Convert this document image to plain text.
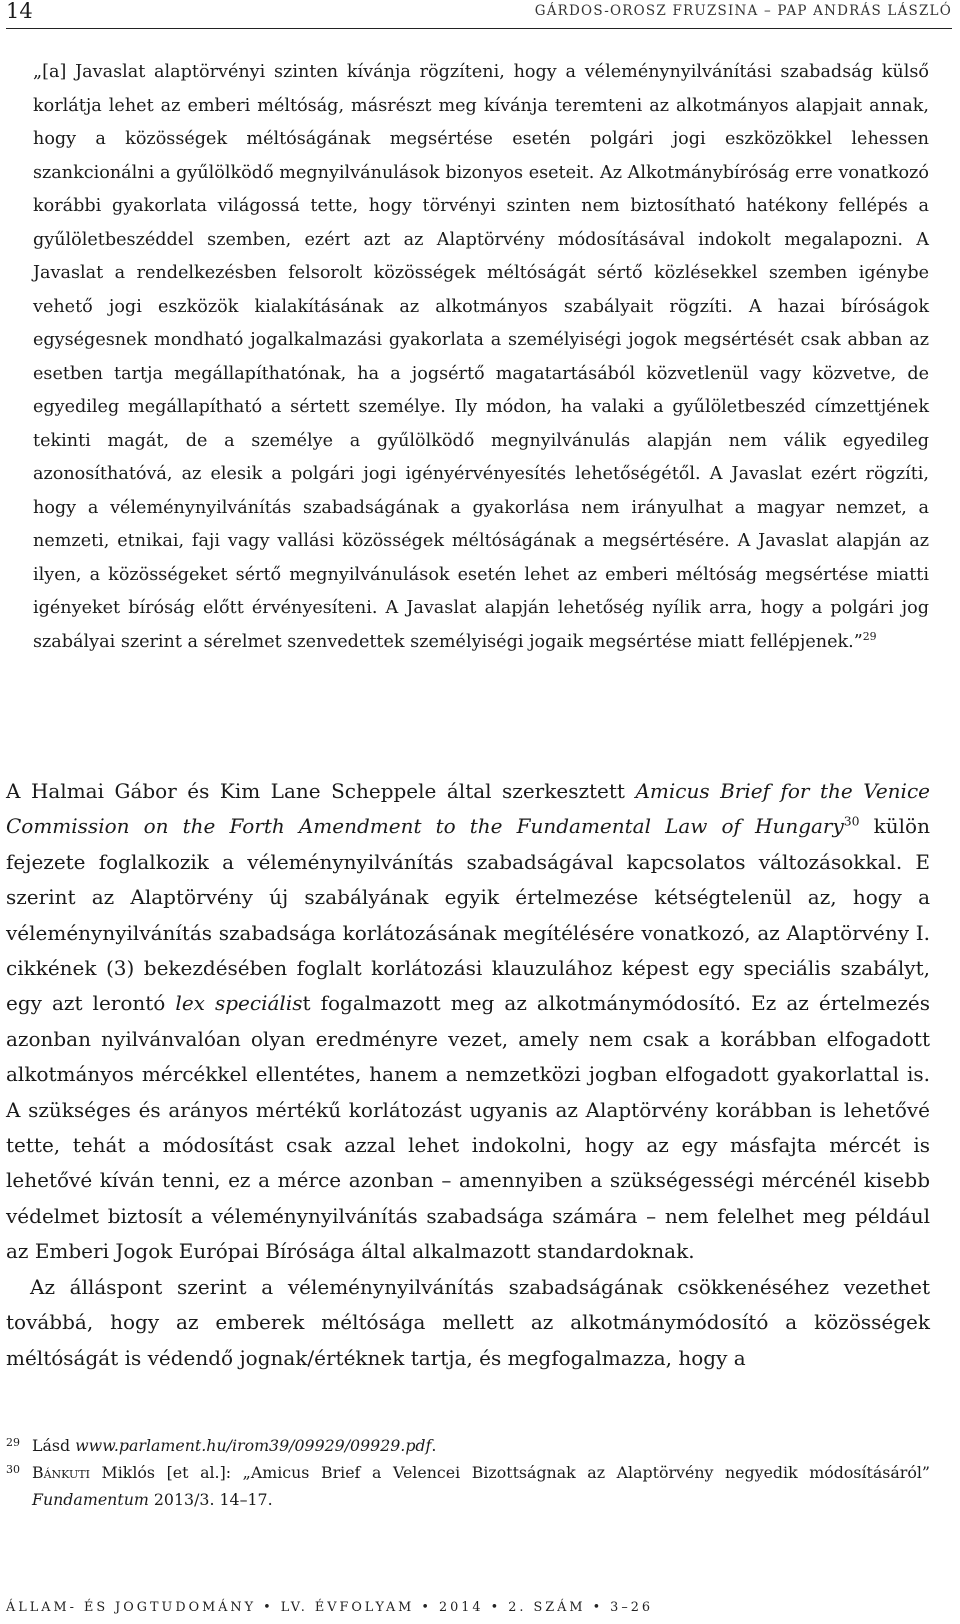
14	GÁRDOS-OROSZ FRUZSINA – PAP ANDRÁS LÁSZLÓ
„[a] Javaslat alaptörvényi szinten kívánja rögzíteni, hogy a véleménynyilvánítási szabadság külső korlátja lehet az emberi méltóság, másrészt meg kívánja teremteni az alkotmányos alapjait annak, hogy a közösségek méltóságának megsértése esetén polgári jogi eszközökkel lehessen szankcionálni a gyűlölködő megnyilvánulások bizonyos eseteit. Az Alkotmánybíróság erre vonatkozó korábbi gyakorlata világossá tette, hogy törvényi szinten nem biztosítható hatékony fellépés a gyűlöletbeszéddel szemben, ezért azt az Alaptörvény módosításával indokolt megalapozni. A Javaslat a rendelkezésben felsorolt közösségek méltóságát sértő közlésekkel szemben igénybe vehető jogi eszközök kialakításának az alkotmányos szabályait rögzíti. A hazai bíróságok egységesnek mondható jogalkalmazási gyakorlata a személyiségi jogok megsértését csak abban az esetben tartja megállapíthatónak, ha a jogsértő magatartásából közvetlenül vagy közvetve, de egyedileg megállapítható a sértett személye. Ily módon, ha valaki a gyűlöletbeszéd címzettjének tekinti magát, de a személye a gyűlölködő megnyilvánulás alapján nem válik egyedileg azonosíthatóvá, az elesik a polgári jogi igényérvényesítés lehetőségétől. A Javaslat ezért rögzíti, hogy a véleménynyilvánítás szabadságának a gyakorlása nem irányulhat a magyar nemzet, a nemzeti, etnikai, faji vagy vallási közösségek méltóságának a megsértésére. A Javaslat alapján az ilyen, a közösségeket sértő megnyilvánulások esetén lehet az emberi méltóság megsértése miatti igényeket bíróság előtt érvényesíteni. A Javaslat alapján lehetőség nyílik arra, hogy a polgári jog szabályai szerint a sérelmet szenvedettek személyiségi jogaik megsértése miatt fellépjenek.”$^{29}$

A Halmai Gábor és Kim Lane Scheppele által szerkesztett Amicus Brief for the Venice Commission on the Forth Amendment to the Fundamental Law of Hungary$^{30}$ külön fejezete foglalkozik a véleménynyilvánítás szabadságával kapcsolatos változásokkal. E szerint az Alaptörvény új szabályának egyik értelmezése kétségtelenül az, hogy a véleménynyilvánítás szabadsága korlátozásának megítélésére vonatkozó, az Alaptörvény I. cikkének (3) bekezdésében foglalt korlátozási klauzulához képest egy speciális szabályt, egy azt lerontó lex speciálist fogalmazott meg az alkotmánymódosító. Ez az értelmezés azonban nyilvánvalóan olyan eredményre vezet, amely nem csak a korábban elfogadott alkotmányos mércékkel ellentétes, hanem a nemzetközi jogban elfogadott gyakorlattal is. A szükséges és arányos mértékű korlátozást ugyanis az Alaptörvény korábban is lehetővé tette, tehát a módosítást csak azzal lehet indokolni, hogy az egy másfajta mércét is lehetővé kíván tenni, ez a mérce azonban – amennyiben a szükségességi mércénél kisebb védelmet biztosít a véleménynyilvánítás szabadsága számára – nem felelhet meg például az Emberi Jogok Európai Bírósága által alkalmazott standardoknak.

Az álláspont szerint a véleménynyilvánítás szabadságának csökkenéséhez vezethet továbbá, hogy az emberek méltósága mellett az alkotmánymódosító a közösségek méltóságát is védendő jognak/értéknek tartja, és megfogalmazza, hogy a

29 Lásd www.parlament.hu/irom39/09929/09929.pdf.
30 Bánkuti Miklós [et al.]: „Amicus Brief a Velencei Bizottságnak az Alaptörvény negyedik módosításáról” Fundamentum 2013/3. 14–17.
ÁLLAM- ÉS JOGTUDOMÁNY • LV. ÉVFOLYAM • 2014 • 2. SZÁM • 3–26
